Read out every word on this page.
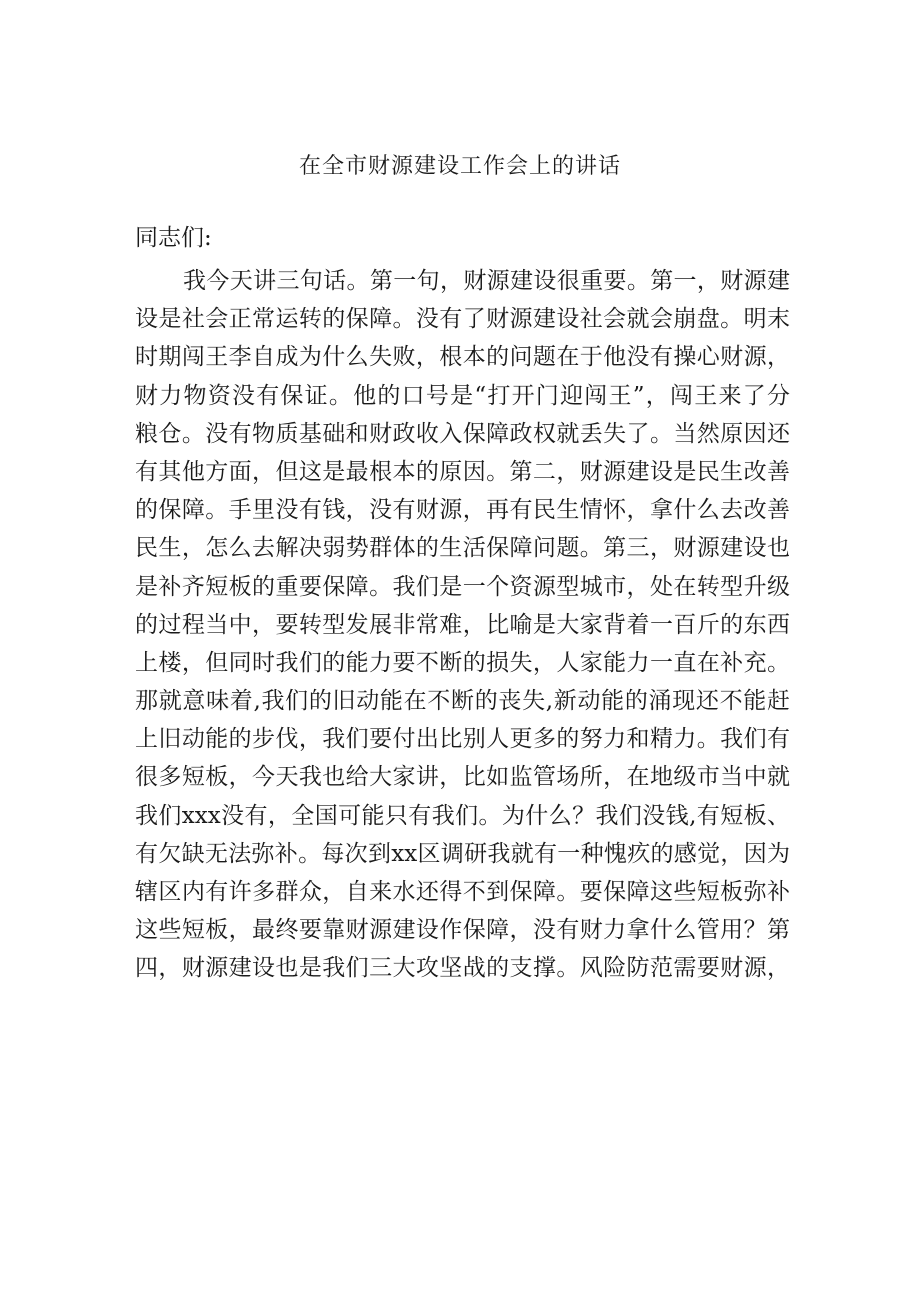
在全市财源建设工作会上的讲话

同志们:

我今天讲三句话。第一句，财源建设很重要。第一，财源建
设是社会正常运转的保障。没有了财源建设社会就会崩盘。明末
时期闯王李自成为什么失败，根本的问题在于他没有操心财源，
财力物资没有保证。他的口号是“打开门迎闯王”，闯王来了分
粮仓。没有物质基础和财政收入保障政权就丢失了。当然原因还
有其他方面，但这是最根本的原因。第二，财源建设是民生改善
的保障。手里没有钱，没有财源，再有民生情怀，拿什么去改善
民生，怎么去解决弱势群体的生活保障问题。第三，财源建设也
是补齐短板的重要保障。我们是一个资源型城市，处在转型升级
的过程当中，要转型发展非常难，比喻是大家背着一百斤的东西
上楼，但同时我们的能力要不断的损失，人家能力一直在补充。
那就意味着,我们的旧动能在不断的丧失,新动能的涌现还不能赶
上旧动能的步伐，我们要付出比别人更多的努力和精力。我们有
很多短板，今天我也给大家讲，比如监管场所，在地级市当中就
我们xxx没有，全国可能只有我们。为什么？我们没钱,有短板、
有欠缺无法弥补。每次到xx区调研我就有一种愧疚的感觉，因为
辖区内有许多群众，自来水还得不到保障。要保障这些短板弥补
这些短板，最终要靠财源建设作保障，没有财力拿什么管用？第
四，财源建设也是我们三大攻坚战的支撑。风险防范需要财源，
